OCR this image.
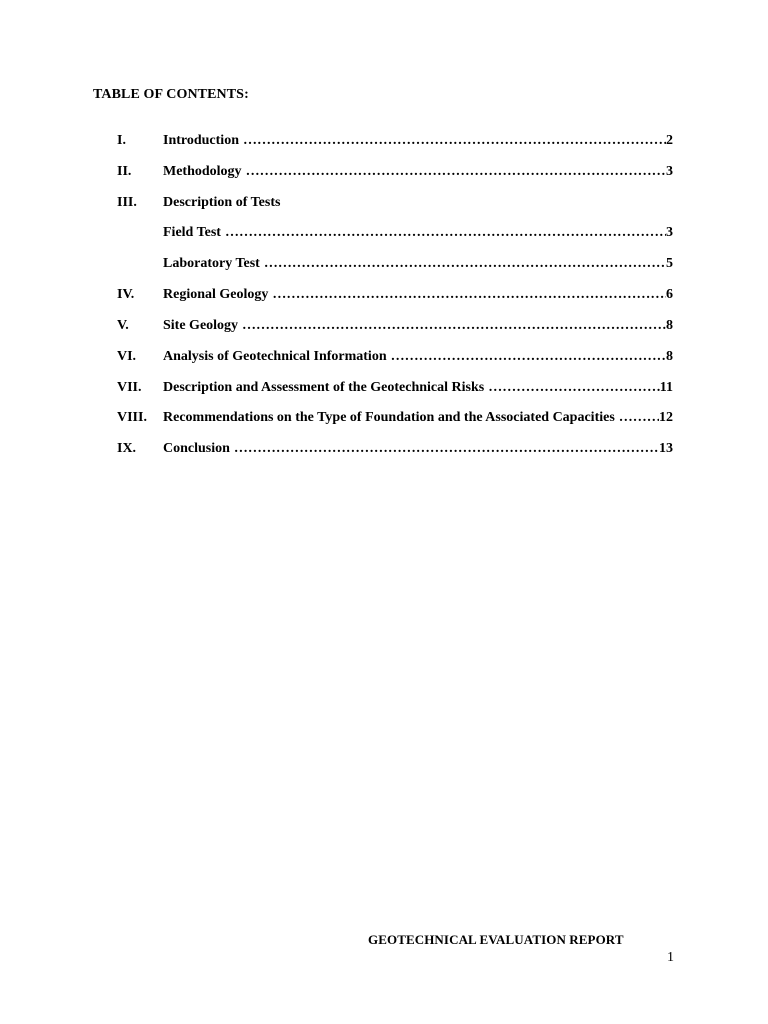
TABLE OF CONTENTS:
I.	Introduction ………………………………………………………………………………………………………………………………………………………………………………………………………	2
II. Methodology ………………………………………………………………………………………………………………………………………………………………………………………………………	3
III. Description of Tests
Field Test ………………………………………………………………………………………………………………………………………………………………………………………………………	3
Laboratory Test ………………………………………………………………………………………………………………………………………………………………………………………………………	5
IV. Regional Geology ………………………………………………………………………………………………………………………………………………………………………………………………………	6
V. Site Geology ………………………………………………………………………………………………………………………………………………………………………………………………………	8
VI. Analysis of Geotechnical Information ………………………………………………………………………………………………………………………………………………………………………………………………………	8
VII. Description and Assessment of the Geotechnical Risks ………………………………………………………………………………………………………………………………………………………………………………………………………	11
VIII. Recommendations on the Type of Foundation and the Associated Capacities ………………………………………………………………………………………………………………………………………………………………………………………………………	12
IX. Conclusion ………………………………………………………………………………………………………………………………………………………………………………………………………	13
GEOTECHNICAL EVALUATION REPORT
1
